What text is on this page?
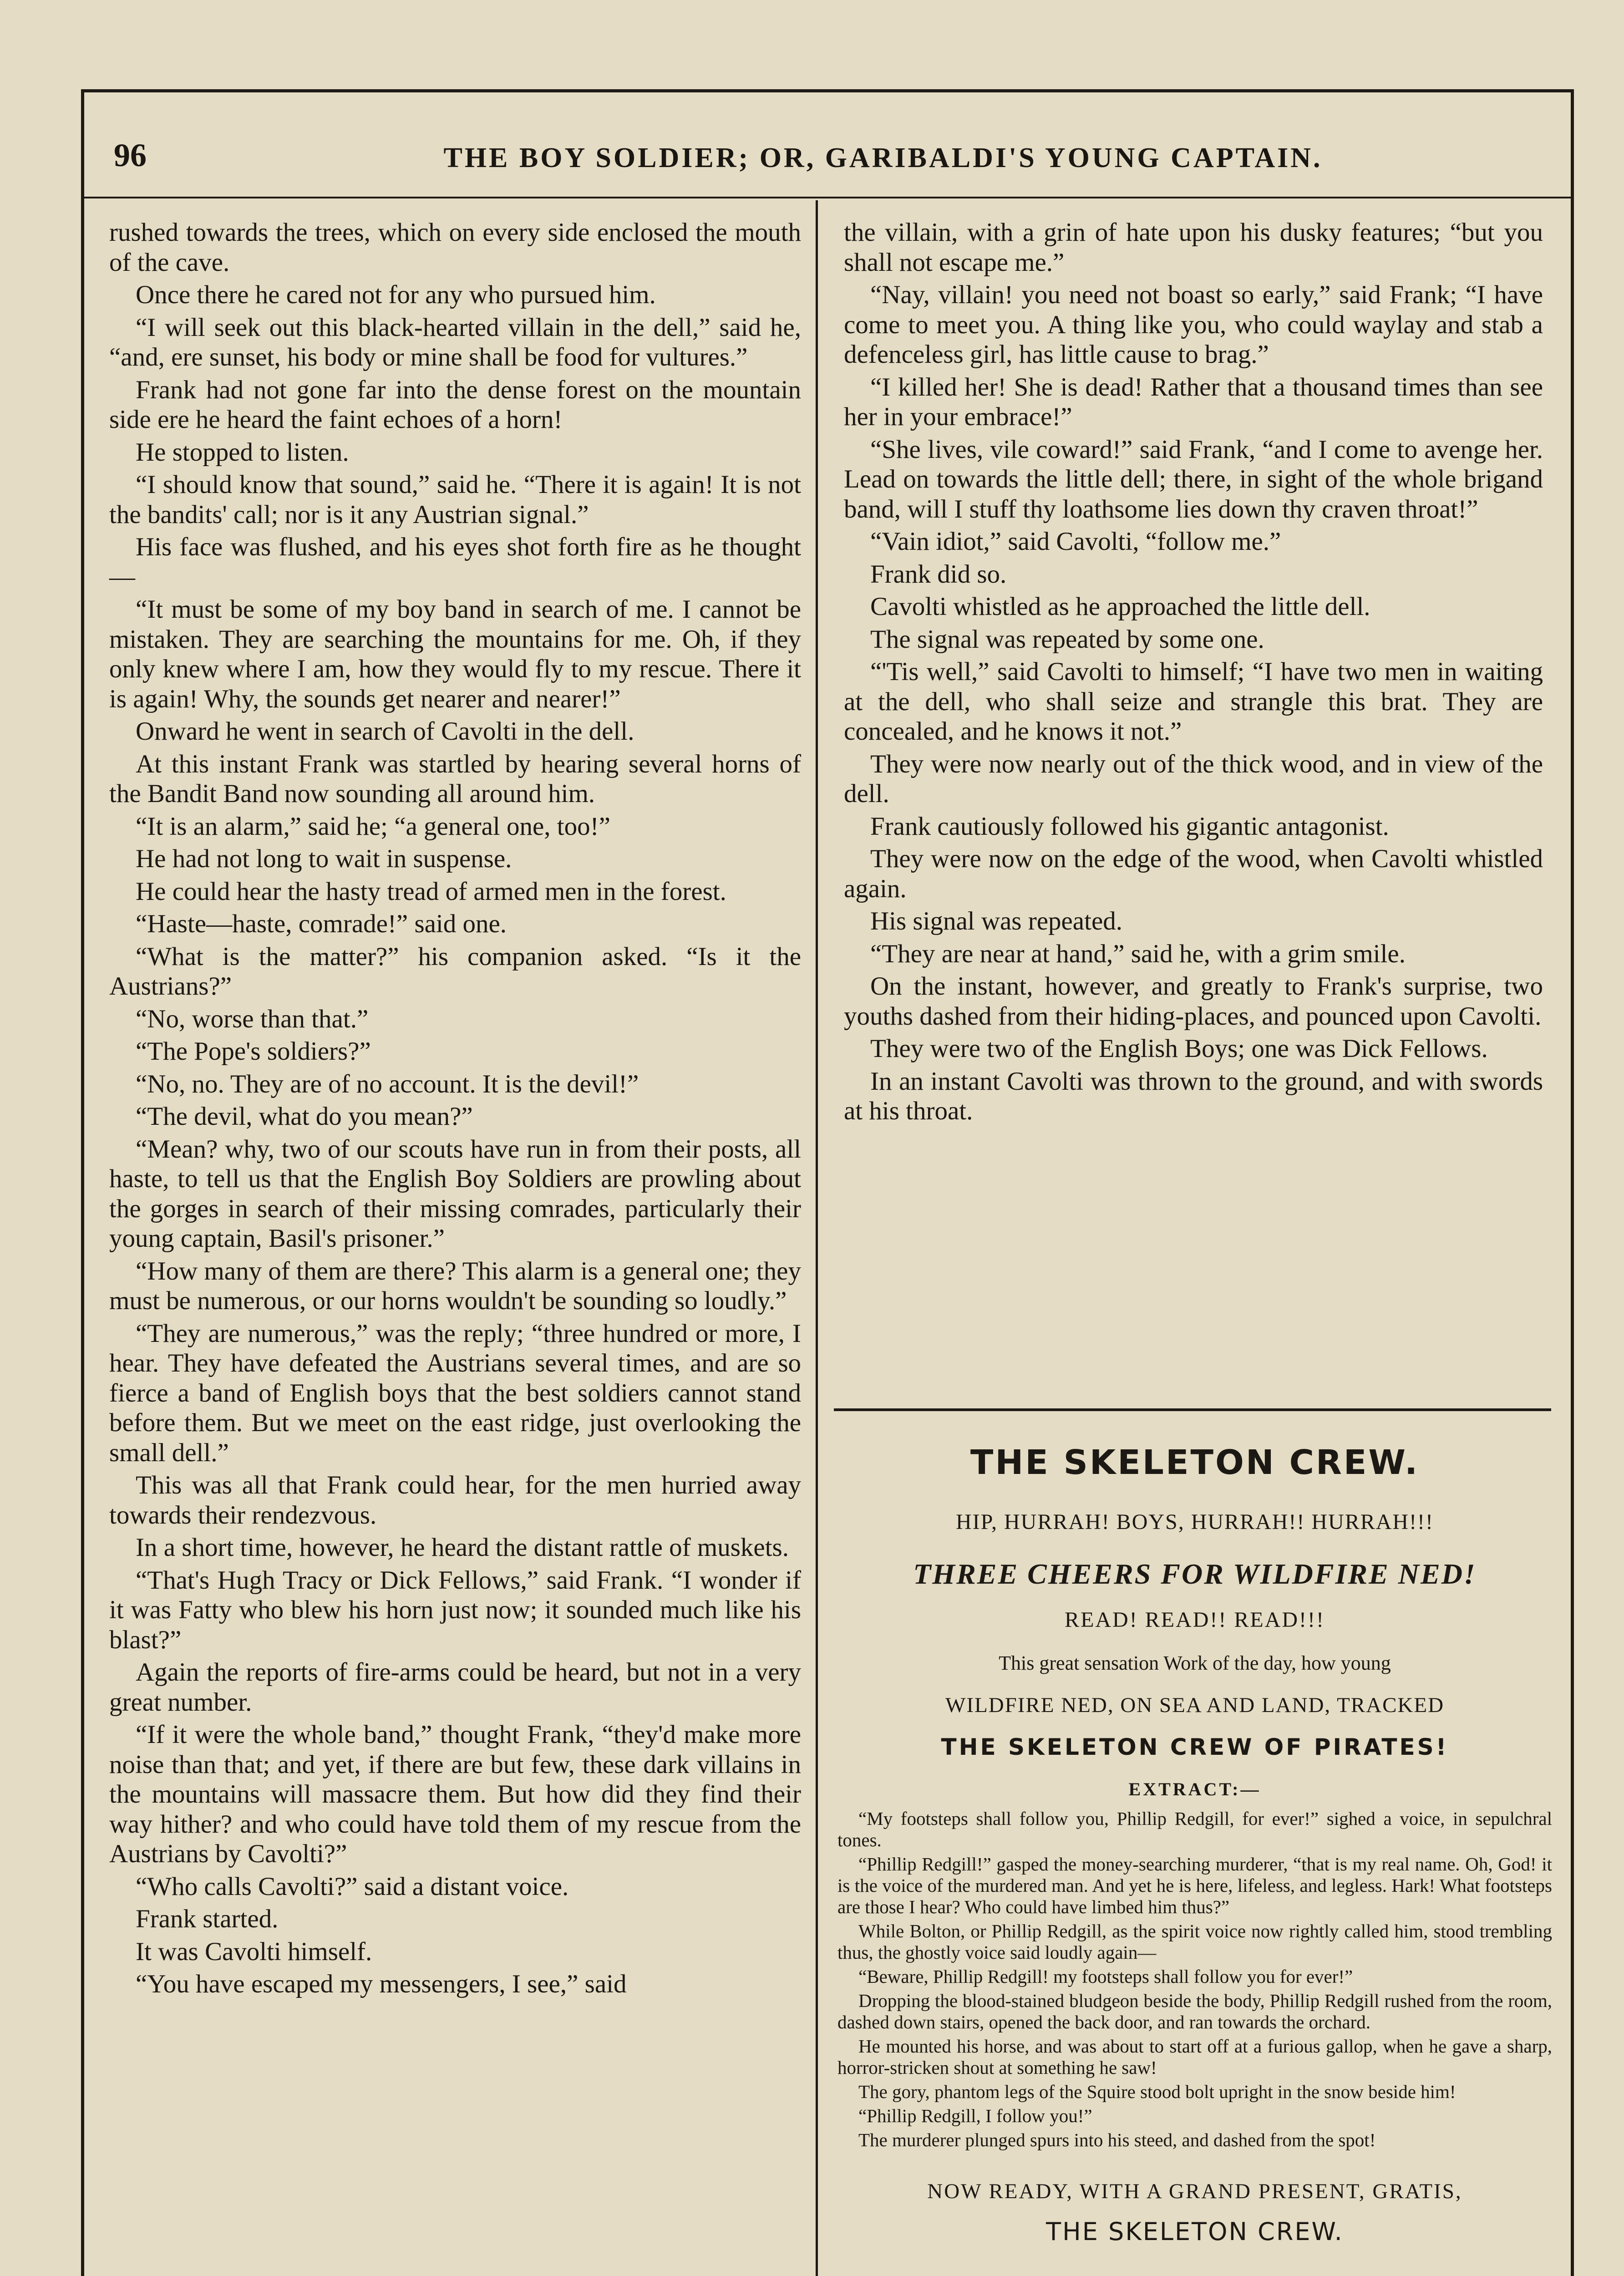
96	THE BOY SOLDIER; OR, GARIBALDI'S YOUNG CAPTAIN.

rushed towards the trees, which on every side enclosed the mouth of the cave.

Once there he cared not for any who pursued him.

“I will seek out this black-hearted villain in the dell,” said he, “and, ere sunset, his body or mine shall be food for vultures.”

Frank had not gone far into the dense forest on the mountain side ere he heard the faint echoes of a horn!

He stopped to listen.

“I should know that sound,” said he. “There it is again! It is not the bandits' call; nor is it any Austrian signal.”

His face was flushed, and his eyes shot forth fire as he thought—

“It must be some of my boy band in search of me. I cannot be mistaken. They are searching the mountains for me. Oh, if they only knew where I am, how they would fly to my rescue. There it is again! Why, the sounds get nearer and nearer!”

Onward he went in search of Cavolti in the dell.

At this instant Frank was startled by hearing several horns of the Bandit Band now sounding all around him.

“It is an alarm,” said he; “a general one, too!”

He had not long to wait in suspense.

He could hear the hasty tread of armed men in the forest.

“Haste—haste, comrade!” said one.

“What is the matter?” his companion asked. “Is it the Austrians?”

“No, worse than that.”

“The Pope's soldiers?”

“No, no. They are of no account. It is the devil!”

“The devil, what do you mean?”

“Mean? why, two of our scouts have run in from their posts, all haste, to tell us that the English Boy Soldiers are prowling about the gorges in search of their missing comrades, particularly their young captain, Basil's prisoner.”

“How many of them are there? This alarm is a general one; they must be numerous, or our horns wouldn't be sounding so loudly.”

“They are numerous,” was the reply; “three hundred or more, I hear. They have defeated the Austrians several times, and are so fierce a band of English boys that the best soldiers cannot stand before them. But we meet on the east ridge, just overlooking the small dell.”

This was all that Frank could hear, for the men hurried away towards their rendezvous.

In a short time, however, he heard the distant rattle of muskets.

“That's Hugh Tracy or Dick Fellows,” said Frank. “I wonder if it was Fatty who blew his horn just now; it sounded much like his blast?”

Again the reports of fire-arms could be heard, but not in a very great number.

“If it were the whole band,” thought Frank, “they'd make more noise than that; and yet, if there are but few, these dark villains in the mountains will massacre them. But how did they find their way hither? and who could have told them of my rescue from the Austrians by Cavolti?”

“Who calls Cavolti?” said a distant voice.

Frank started.

It was Cavolti himself.

“You have escaped my messengers, I see,” said

the villain, with a grin of hate upon his dusky features; “but you shall not escape me.”

“Nay, villain! you need not boast so early,” said Frank; “I have come to meet you. A thing like you, who could waylay and stab a defenceless girl, has little cause to brag.”

“I killed her! She is dead! Rather that a thousand times than see her in your embrace!”

“She lives, vile coward!” said Frank, “and I come to avenge her. Lead on towards the little dell; there, in sight of the whole brigand band, will I stuff thy loathsome lies down thy craven throat!”

“Vain idiot,” said Cavolti, “follow me.”

Frank did so.

Cavolti whistled as he approached the little dell.

The signal was repeated by some one.

“'Tis well,” said Cavolti to himself; “I have two men in waiting at the dell, who shall seize and strangle this brat. They are concealed, and he knows it not.”

They were now nearly out of the thick wood, and in view of the dell.

Frank cautiously followed his gigantic antagonist.

They were now on the edge of the wood, when Cavolti whistled again.

His signal was repeated.

“They are near at hand,” said he, with a grim smile.

On the instant, however, and greatly to Frank's surprise, two youths dashed from their hiding-places, and pounced upon Cavolti.

They were two of the English Boys; one was Dick Fellows.

In an instant Cavolti was thrown to the ground, and with swords at his throat.

THE SKELETON CREW.
HIP, HURRAH! BOYS, HURRAH!! HURRAH!!!
THREE CHEERS FOR WILDFIRE NED!
READ! READ!! READ!!!
This great sensation Work of the day, how young
WILDFIRE NED, ON SEA AND LAND, TRACKED
THE SKELETON CREW OF PIRATES!
EXTRACT:—

“My footsteps shall follow you, Phillip Redgill, for ever!” sighed a voice, in sepulchral tones.

“Phillip Redgill!” gasped the money-searching murderer, “that is my real name. Oh, God! it is the voice of the murdered man. And yet he is here, lifeless, and legless. Hark! What footsteps are those I hear? Who could have limbed him thus?”

While Bolton, or Phillip Redgill, as the spirit voice now rightly called him, stood trembling thus, the ghostly voice said loudly again—

“Beware, Phillip Redgill! my footsteps shall follow you for ever!”

Dropping the blood-stained bludgeon beside the body, Phillip Redgill rushed from the room, dashed down stairs, opened the back door, and ran towards the orchard.

He mounted his horse, and was about to start off at a furious gallop, when he gave a sharp, horror-stricken shout at something he saw!

The gory, phantom legs of the Squire stood bolt upright in the snow beside him!

“Phillip Redgill, I follow you!”

The murderer plunged spurs into his steed, and dashed from the spot!

NOW READY, WITH A GRAND PRESENT, GRATIS,
THE SKELETON CREW.
